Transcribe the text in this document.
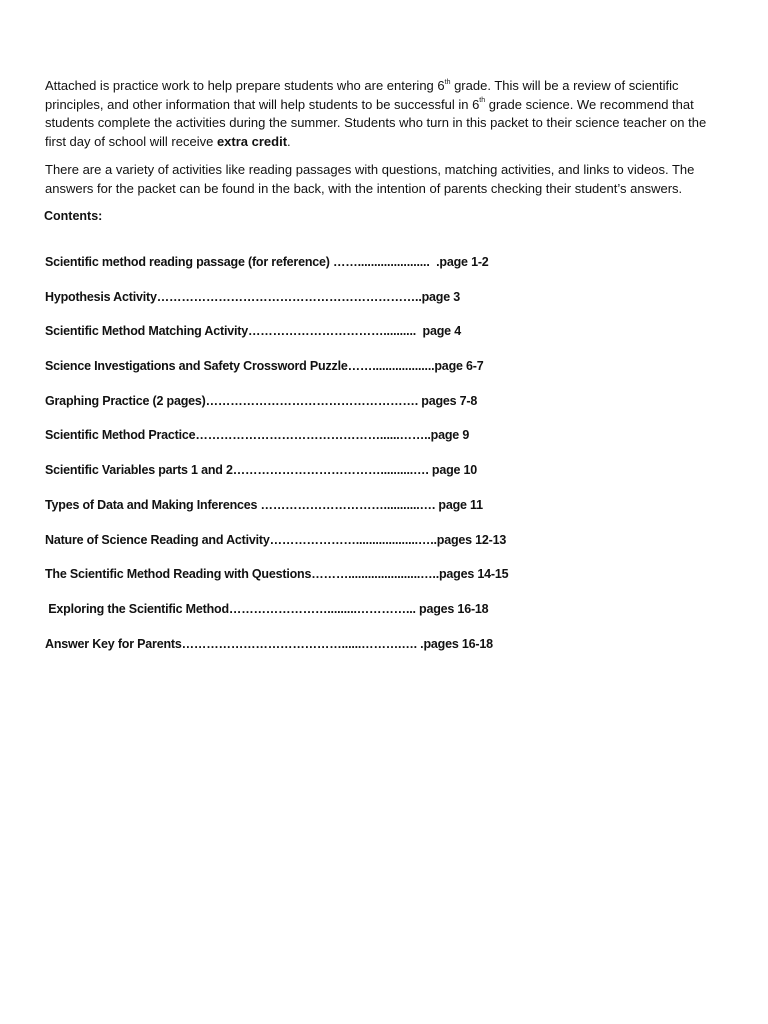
Attached is practice work to help prepare students who are entering 6th grade. This will be a review of scientific principles, and other information that will help students to be successful in 6th grade science. We recommend that students complete the activities during the summer. Students who turn in this packet to their science teacher on the first day of school will receive extra credit.

There are a variety of activities like reading passages with questions, matching activities, and links to videos. The answers for the packet can be found in the back, with the intention of parents checking their student’s answers.

Contents:

Scientific method reading passage (for reference) ……......................  .page 1-2
Hypothesis Activity………………………………………………………..page 3
Scientific Method Matching Activity……………………………..........  page 4
Science Investigations and Safety Crossword Puzzle……...................page 6-7
Graphing Practice (2 pages)……………………………………………. pages 7-8
Scientific Method Practice………………………………………......……..page 9
Scientific Variables parts 1 and 2………………………………..........…. page 10
Types of Data and Making Inferences …………………………...........…. page 11
Nature of Science Reading and Activity…………………...................…..pages 12-13
The Scientific Method Reading with Questions………......................…..pages 14-15
Exploring the Scientific Method…………………….........…………... pages 16-18
Answer Key for Parents…………………………………......……….…. .pages 16-18
